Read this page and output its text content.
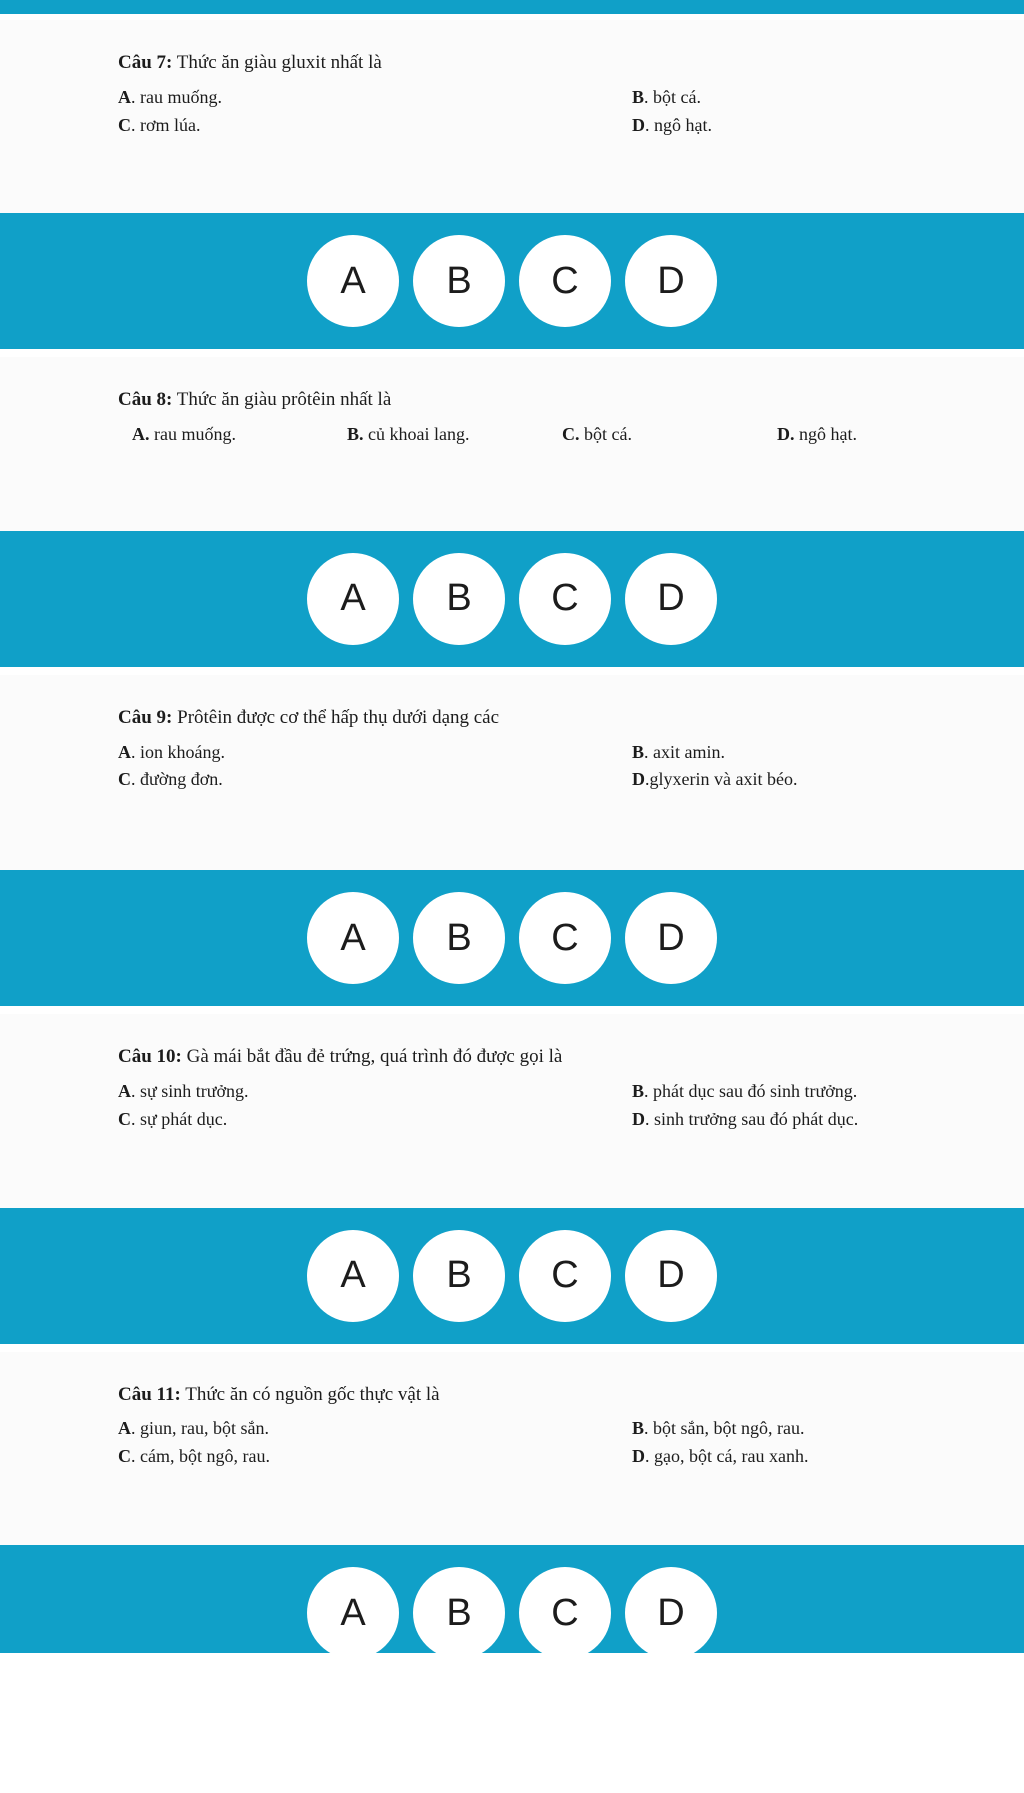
Câu 7: Thức ăn giàu gluxit nhất là
A. rau muống.	B. bột cá.
C. rơm lúa.	D. ngô hạt.
A	B	C	D
Câu 8: Thức ăn giàu prôtêin nhất là
A. rau muống.	B. củ khoai lang.	C. bột cá.	D. ngô hạt.
A	B	C	D
Câu 9: Prôtêin được cơ thể hấp thụ dưới dạng các
A. ion khoáng.	B. axit amin.
C. đường đơn.	D.glyxerin và axit béo.
A	B	C	D
Câu 10: Gà mái bắt đầu đẻ trứng, quá trình đó được gọi là
A. sự sinh trưởng.	B. phát dục sau đó sinh trưởng.
C. sự phát dục.	D. sinh trưởng sau đó phát dục.
A	B	C	D
Câu 11: Thức ăn có nguồn gốc thực vật là
A. giun, rau, bột sắn.	B. bột sắn, bột ngô, rau.
C. cám, bột ngô, rau.	D. gạo, bột cá, rau xanh.
A	B	C	D
